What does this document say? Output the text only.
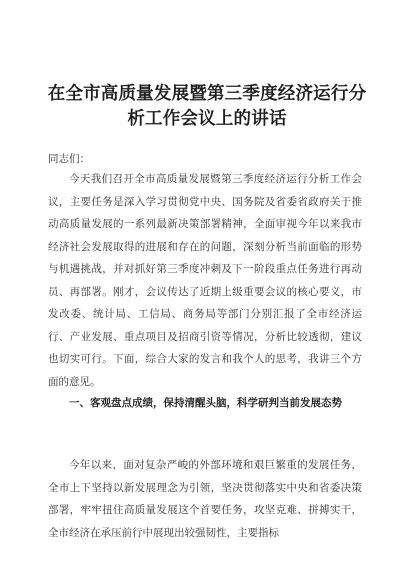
在全市高质量发展暨第三季度经济运行分析工作会议上的讲话

同志们：

今天我们召开全市高质量发展暨第三季度经济运行分析工作会议，主要任务是深入学习贯彻党中央、国务院及省委省政府关于推动高质量发展的一系列最新决策部署精神，全面审视今年以来我市经济社会发展取得的进展和存在的问题，深刻分析当前面临的形势与机遇挑战，并对抓好第三季度冲刺及下一阶段重点任务进行再动员、再部署。刚才，会议传达了近期上级重要会议的核心要义，市发改委、统计局、工信局、商务局等部门分别汇报了全市经济运行、产业发展、重点项目及招商引资等情况，分析比较透彻，建议也切实可行。下面，综合大家的发言和我个人的思考，我讲三个方面的意见。

一、客观盘点成绩，保持清醒头脑，科学研判当前发展态势

今年以来，面对复杂严峻的外部环境和艰巨繁重的发展任务，全市上下坚持以新发展理念为引领，坚决贯彻落实中央和省委决策部署，牢牢扭住高质量发展这个首要任务，攻坚克难、拼搏实干，全市经济在承压前行中展现出较强韧性，主要指标
